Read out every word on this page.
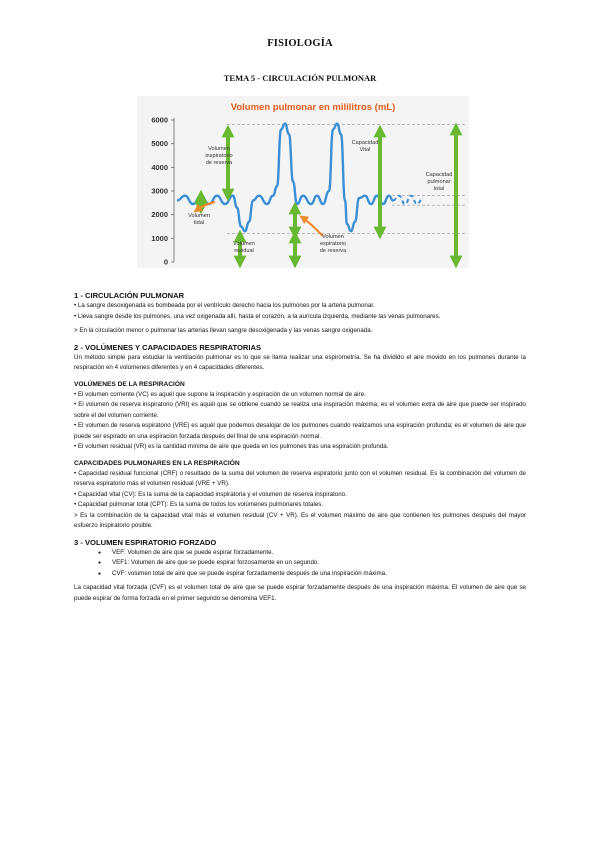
FISIOLOGÍA
TEMA 5 - CIRCULACIÓN PULMONAR
Volumen pulmonar en mililitros (mL)
6000
5000
4000
3000
2000
1000
0
Volumen
inspiratorio
de reserva
Volumen
tidal
Volumen
residual
Volumen
espiratorio
de reserva
Capacidad
Vital
Capacidad
pulmonar
total

1 - CIRCULACIÓN PULMONAR

• La sangre desoxigenada es bombeada por el ventrículo derecho hacia los pulmones por la arteria pulmonar.

• Lleva sangre desde los pulmones, una vez oxigenada allí, hasta el corazón, a la aurícula izquierda, mediante las venas pulmonares.

> En la circulación menor o pulmonar las arterias llevan sangre desoxigenada y las venas sangre oxigenada.

2 - VOLÚMENES Y CAPACIDADES RESPIRATORIAS

Un método simple para estudiar la ventilación pulmonar es lo que se llama realizar una espirometría. Se ha dividido el aire movido en los pulmones durante la respiración en 4 volúmenes diferentes y en 4 capacidades diferentes.

VOLÚMENES DE LA RESPIRACIÓN

• El volumen corriente (VC) es aquél que supone la inspiración y espiración de un volumen normal de aire.

• El volumen de reserva inspiratorio (VRI) es aquél que se obtiene cuando se realiza una inspiración máxima; es el volumen extra de aire que puede ser inspirado sobre el del volumen corriente.

• El volumen de reserva espiratorio (VRE) es aquél que podemos desalojar de los pulmones cuando realizamos una espiración profunda; es el volumen de aire que puede ser espirado en una espiración forzada después del final de una espiración normal.

• El volumen residual (VR) es la cantidad mínima de aire que queda en los pulmones tras una espiración profunda.

CAPACIDADES PULMONARES EN LA RESPIRACIÓN

• Capacidad residual funcional (CRF) o resultado de la suma del volumen de reserva espiratorio junto con el volumen residual. Es la combinación del volumen de reserva espiratorio más el volumen residual (VRE + VR).

• Capacidad vital (CV): Es la suma de la capacidad inspiratoria y el volumen de reserva inspiratorio.

• Capacidad pulmonar total (CPT): Es la suma de todos los volúmenes pulmonares totales.

> Es la combinación de la capacidad vital más el volumen residual (CV + VR). Es el volumen máximo de aire que contienen los pulmones después del mayor esfuerzo inspiratorio posible.

3 - VOLUMEN ESPIRATORIO FORZADO

● VEF: Volumen de aire que se puede espirar forzadamente.
● VEF1: Volumen de aire que se puede espirar forzosamente en un segundo.
● CVF: volumen total de aire que se puede espirar forzadamente después de una inspiración máxima.

La capacidad vital forzada (CVF) es el volumen total de aire que se puede espirar forzadamente después de una inspiración máxima. El volumen de aire que se puede espirar de forma forzada en el primer segundo se denomina VEF1.
